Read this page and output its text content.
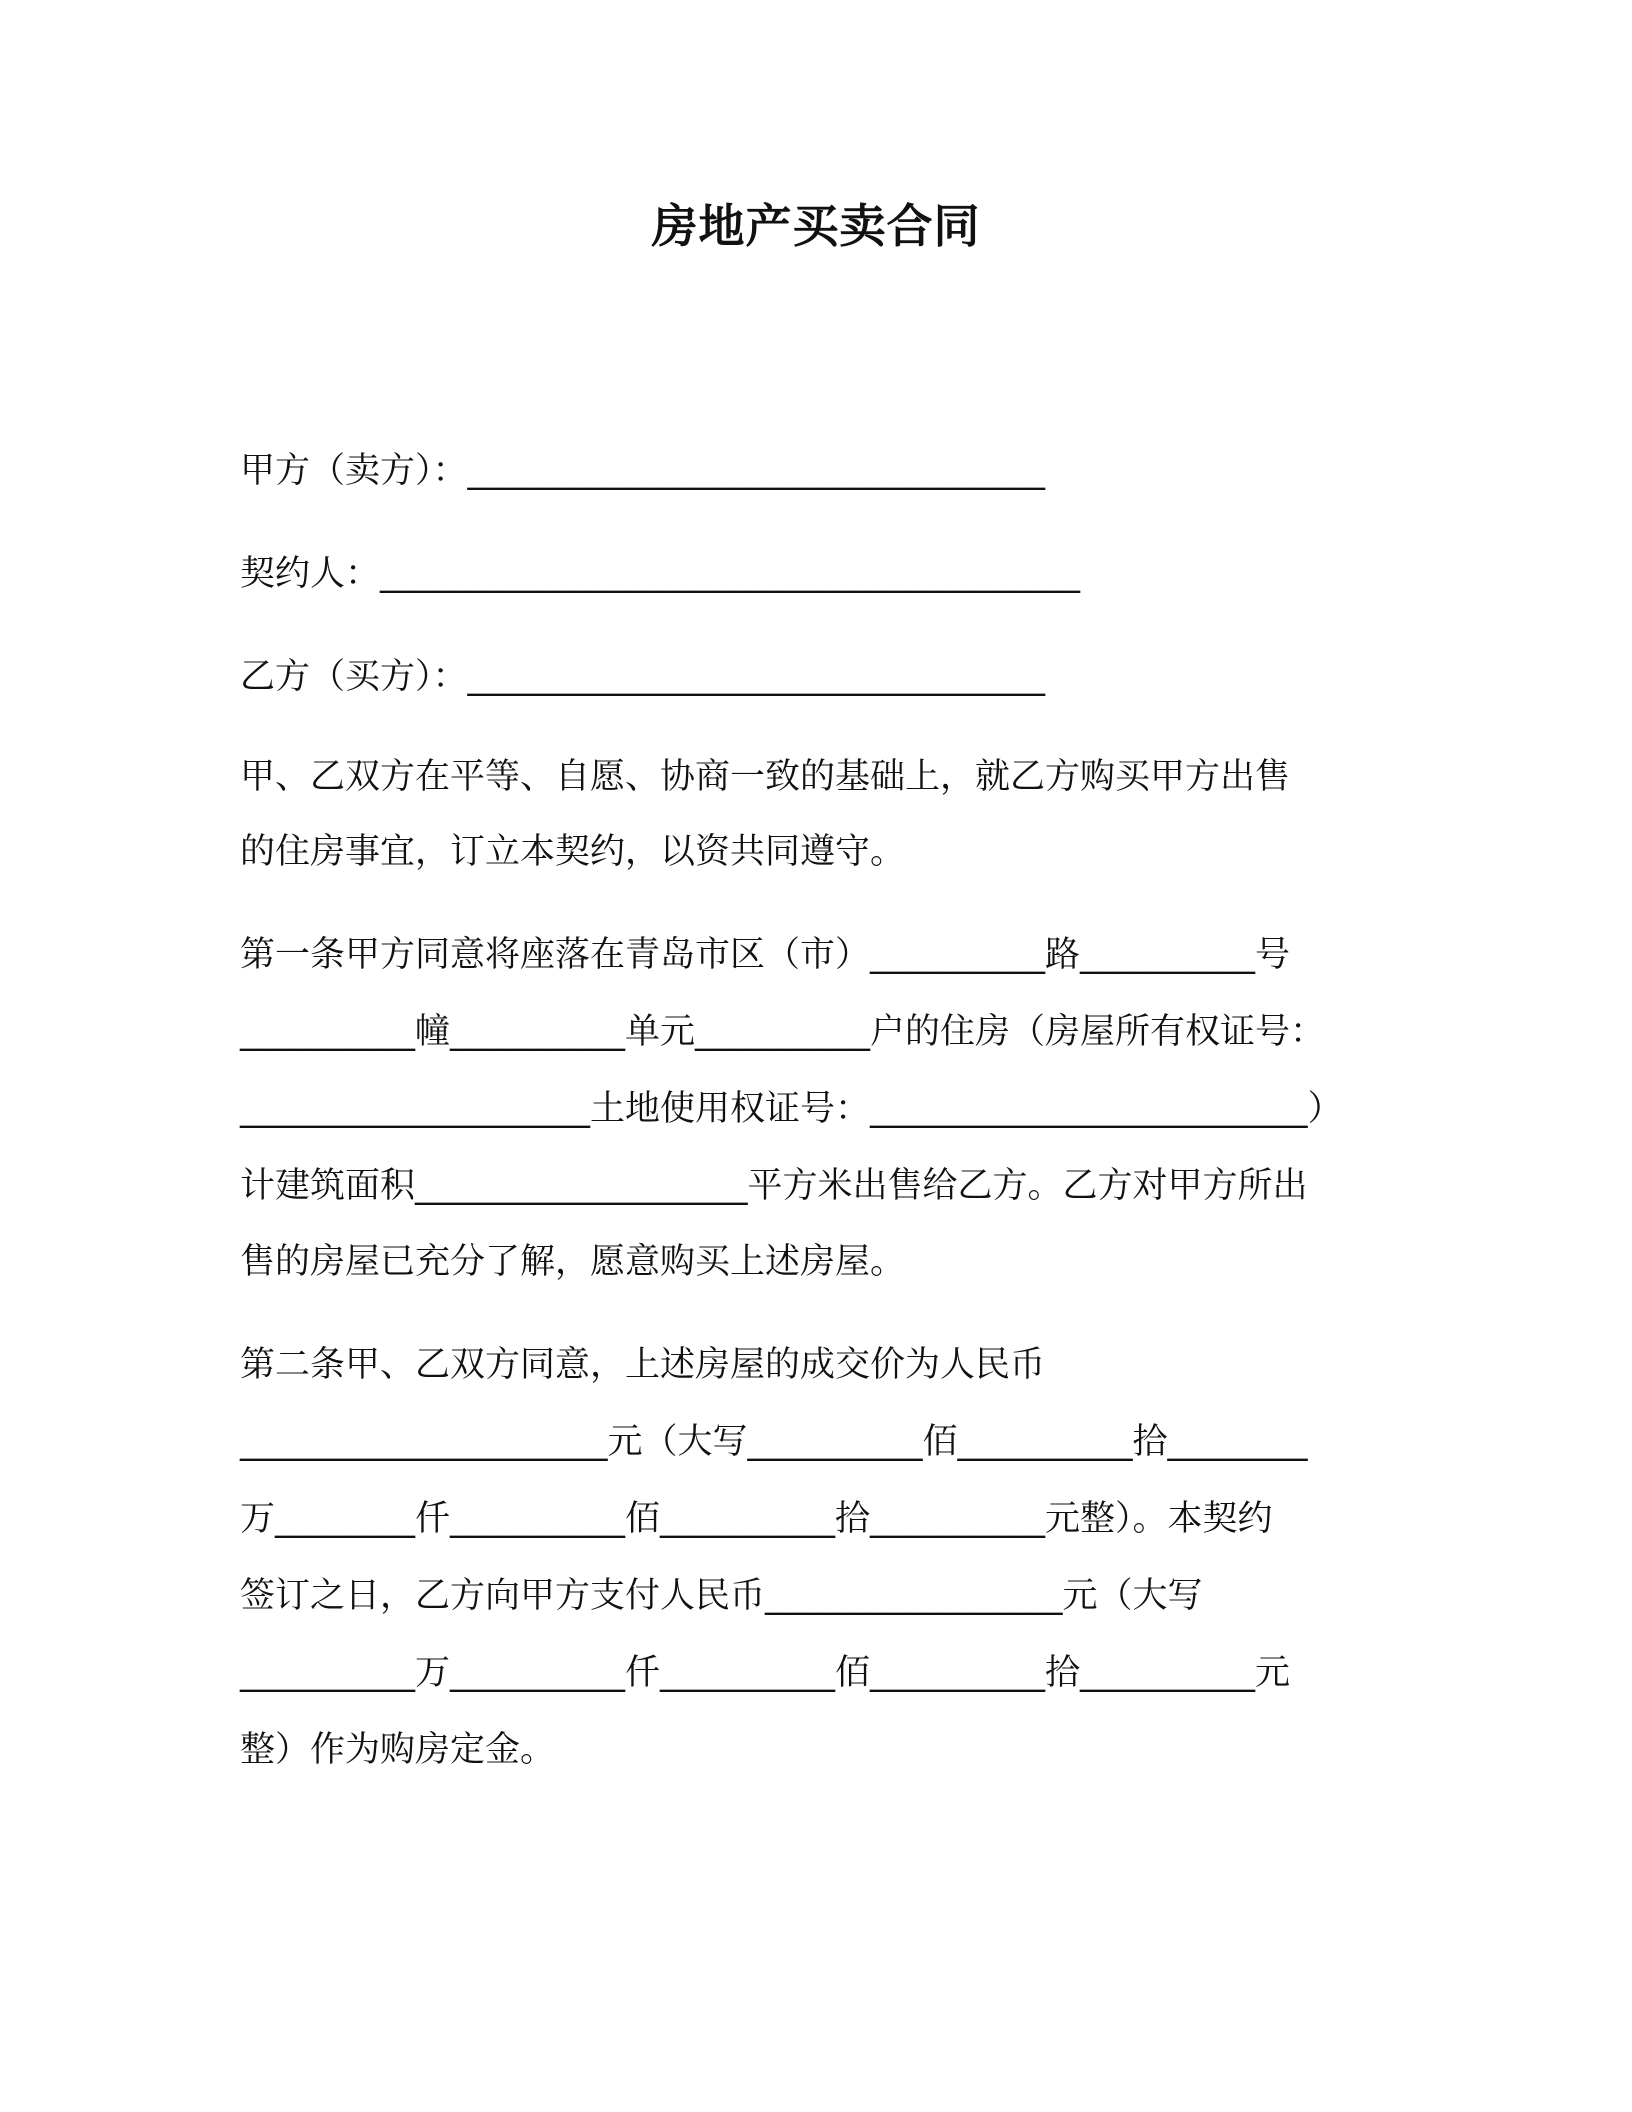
房地产买卖合同
甲方（卖方）：_________________________________
契约人：________________________________________
乙方（买方）：_________________________________
甲、乙双方在平等、自愿、协商一致的基础上，就乙方购买甲方出售
的住房事宜，订立本契约，以资共同遵守。
第一条甲方同意将座落在青岛市区（市）__________路__________号
__________幢__________单元__________户的住房（房屋所有权证号：
____________________土地使用权证号：_________________________）
计建筑面积___________________平方米出售给乙方。乙方对甲方所出
售的房屋已充分了解，愿意购买上述房屋。
第二条甲、乙双方同意，上述房屋的成交价为人民币
_____________________元（大写__________佰__________拾________
万________仟__________佰__________拾__________元整）。本契约
签订之日，乙方向甲方支付人民币_________________元（大写
__________万__________仟__________佰__________拾__________元
整）作为购房定金。
